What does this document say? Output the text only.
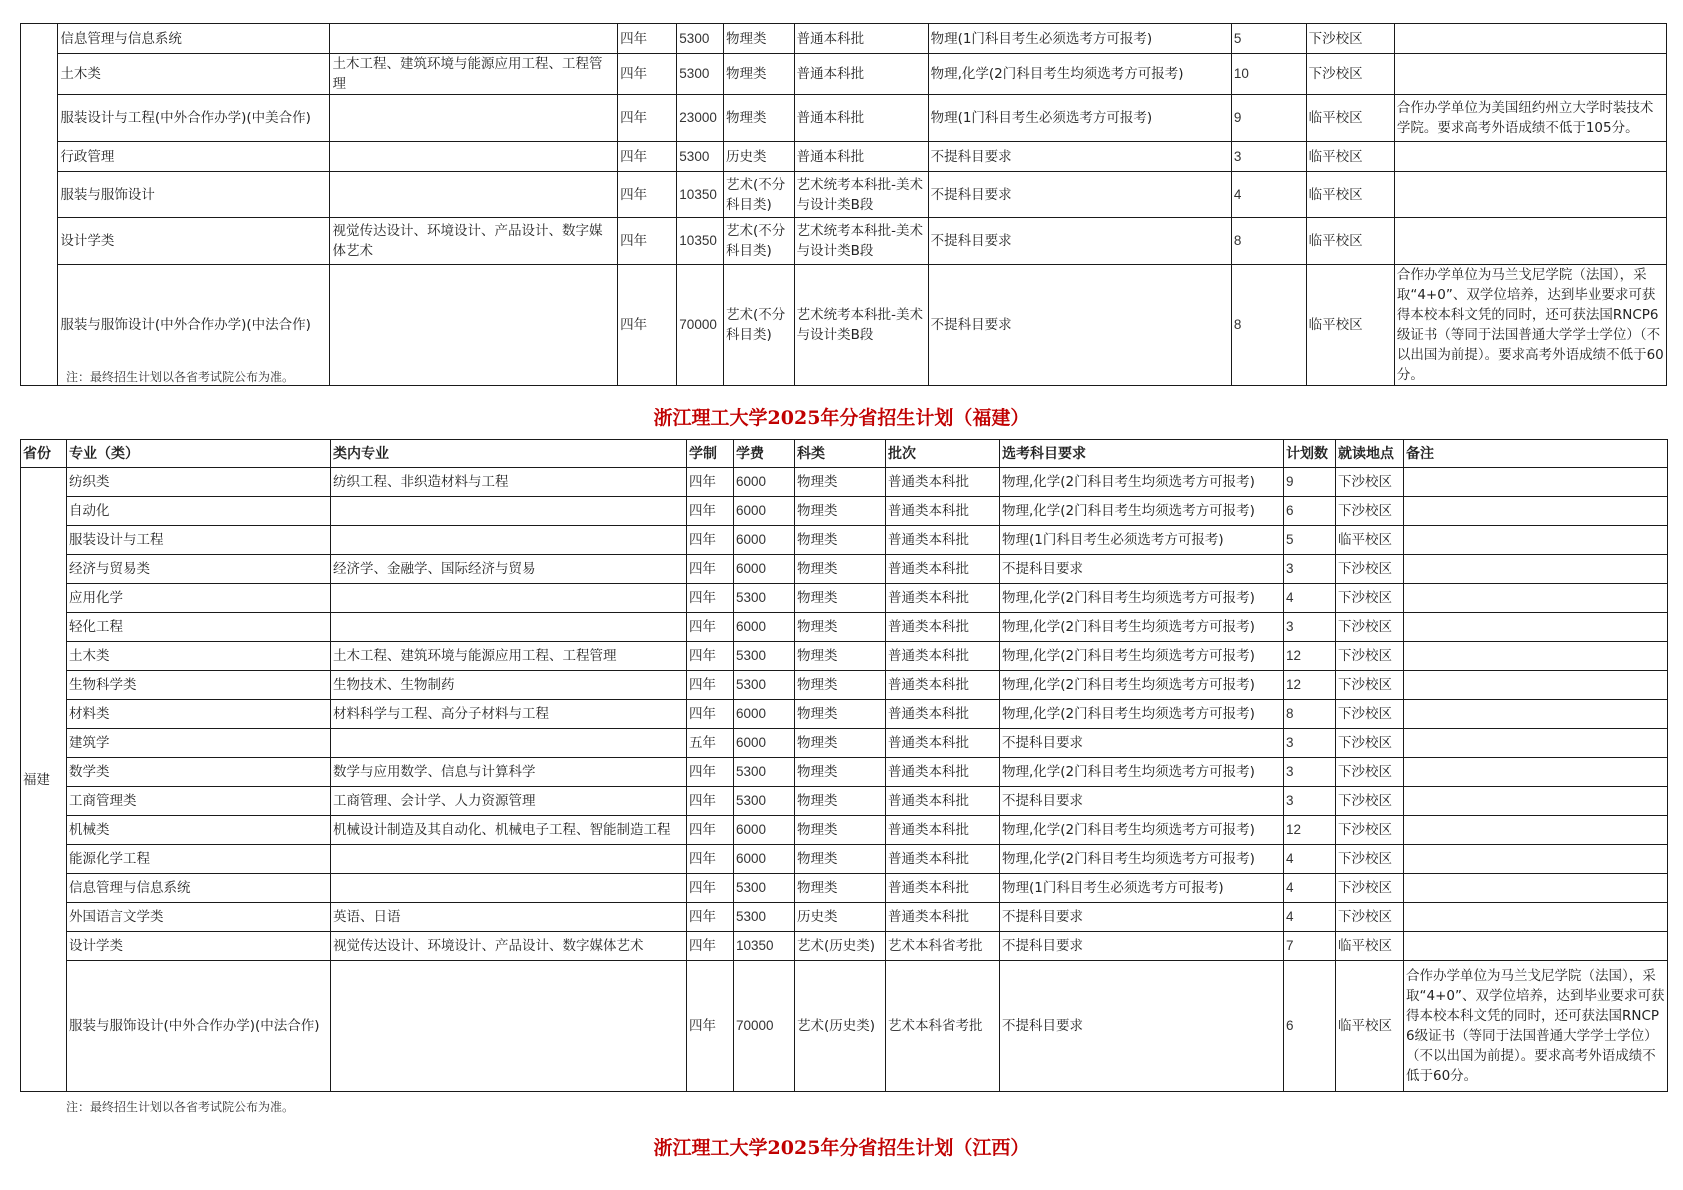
	信息管理与信息系统		四年	5300	物理类	普通本科批	物理(1门科目考生必须选考方可报考)	5	下沙校区	
	土木类	土木工程、建筑环境与能源应用工程、工程管理	四年	5300	物理类	普通本科批	物理,化学(2门科目考生均须选考方可报考)	10	下沙校区	
	服装设计与工程(中外合作办学)(中美合作)		四年	23000	物理类	普通本科批	物理(1门科目考生必须选考方可报考)	9	临平校区	合作办学单位为美国纽约州立大学时装技术学院。要求高考外语成绩不低于105分。
	行政管理		四年	5300	历史类	普通本科批	不提科目要求	3	临平校区	
	服装与服饰设计		四年	10350	艺术(不分科目类)	艺术统考本科批-美术与设计类B段	不提科目要求	4	临平校区	
	设计学类	视觉传达设计、环境设计、产品设计、数字媒体艺术	四年	10350	艺术(不分科目类)	艺术统考本科批-美术与设计类B段	不提科目要求	8	临平校区	
	服装与服饰设计(中外合作办学)(中法合作)		四年	70000	艺术(不分科目类)	艺术统考本科批-美术与设计类B段	不提科目要求	8	临平校区	合作办学单位为马兰戈尼学院（法国），采取“4+0”、双学位培养，达到毕业要求可获得本校本科文凭的同时，还可获法国RNCP6级证书（等同于法国普通大学学士学位）（不以出国为前提）。要求高考外语成绩不低于60分。
注：最终招生计划以各省考试院公布为准。
浙江理工大学2025年分省招生计划（福建）
省份	专业（类）	类内专业	学制	学费	科类	批次	选考科目要求	计划数	就读地点	备注
福建	纺织类	纺织工程、非织造材料与工程	四年	6000	物理类	普通类本科批	物理,化学(2门科目考生均须选考方可报考)	9	下沙校区	
	自动化		四年	6000	物理类	普通类本科批	物理,化学(2门科目考生均须选考方可报考)	6	下沙校区	
	服装设计与工程		四年	6000	物理类	普通类本科批	物理(1门科目考生必须选考方可报考)	5	临平校区	
	经济与贸易类	经济学、金融学、国际经济与贸易	四年	6000	物理类	普通类本科批	不提科目要求	3	下沙校区	
	应用化学		四年	5300	物理类	普通类本科批	物理,化学(2门科目考生均须选考方可报考)	4	下沙校区	
	轻化工程		四年	6000	物理类	普通类本科批	物理,化学(2门科目考生均须选考方可报考)	3	下沙校区	
	土木类	土木工程、建筑环境与能源应用工程、工程管理	四年	5300	物理类	普通类本科批	物理,化学(2门科目考生均须选考方可报考)	12	下沙校区	
	生物科学类	生物技术、生物制药	四年	5300	物理类	普通类本科批	物理,化学(2门科目考生均须选考方可报考)	12	下沙校区	
	材料类	材料科学与工程、高分子材料与工程	四年	6000	物理类	普通类本科批	物理,化学(2门科目考生均须选考方可报考)	8	下沙校区	
	建筑学		五年	6000	物理类	普通类本科批	不提科目要求	3	下沙校区	
	数学类	数学与应用数学、信息与计算科学	四年	5300	物理类	普通类本科批	物理,化学(2门科目考生均须选考方可报考)	3	下沙校区	
	工商管理类	工商管理、会计学、人力资源管理	四年	5300	物理类	普通类本科批	不提科目要求	3	下沙校区	
	机械类	机械设计制造及其自动化、机械电子工程、智能制造工程	四年	6000	物理类	普通类本科批	物理,化学(2门科目考生均须选考方可报考)	12	下沙校区	
	能源化学工程		四年	6000	物理类	普通类本科批	物理,化学(2门科目考生均须选考方可报考)	4	下沙校区	
	信息管理与信息系统		四年	5300	物理类	普通类本科批	物理(1门科目考生必须选考方可报考)	4	下沙校区	
	外国语言文学类	英语、日语	四年	5300	历史类	普通类本科批	不提科目要求	4	下沙校区	
	设计学类	视觉传达设计、环境设计、产品设计、数字媒体艺术	四年	10350	艺术(历史类)	艺术本科省考批	不提科目要求	7	临平校区	
	服装与服饰设计(中外合作办学)(中法合作)		四年	70000	艺术(历史类)	艺术本科省考批	不提科目要求	6	临平校区	合作办学单位为马兰戈尼学院（法国），采取“4+0”、双学位培养，达到毕业要求可获得本校本科文凭的同时，还可获法国RNCP6级证书（等同于法国普通大学学士学位）（不以出国为前提）。要求高考外语成绩不低于60分。
注：最终招生计划以各省考试院公布为准。
浙江理工大学2025年分省招生计划（江西）
